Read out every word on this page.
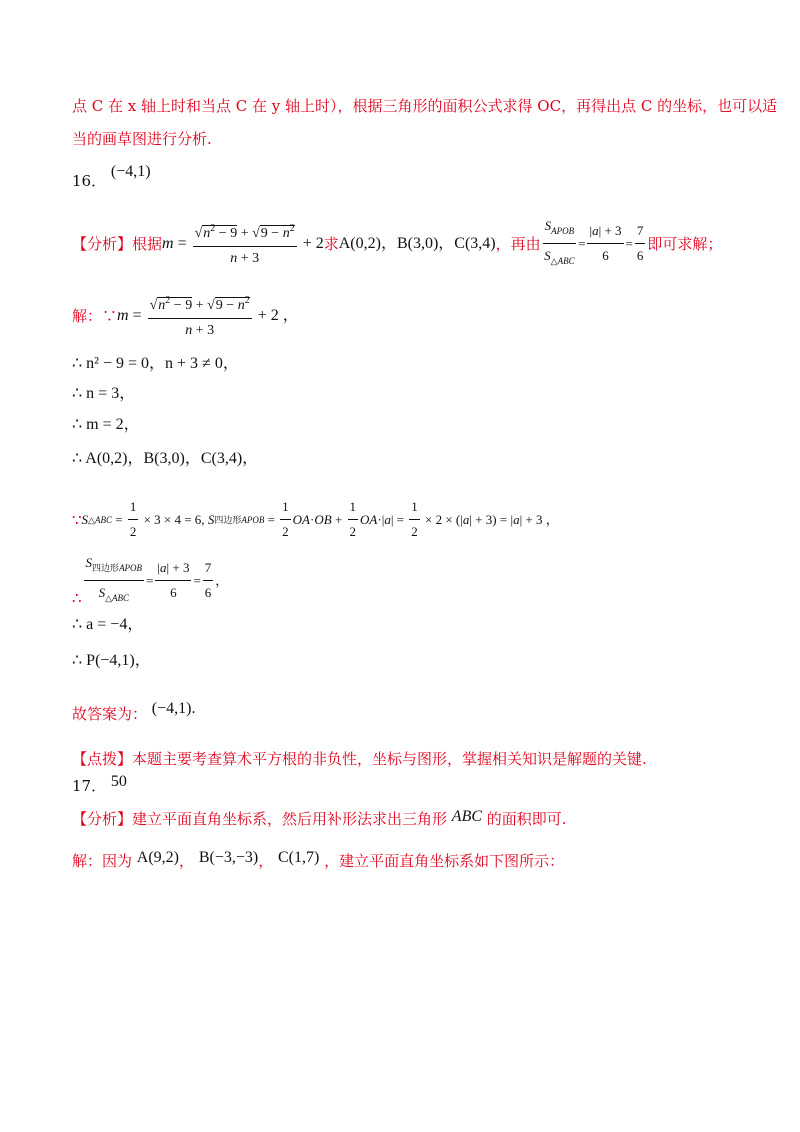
点 C 在 x 轴上时和当点 C 在 y 轴上时），根据三角形的面积公式求得 OC，再得出点 C 的坐标，也可以适
当的画草图进行分析.
16． (−4,1)
【分析】根据 $m = \frac{√n^2 - 9 + √9 - n^2}{n + 3} + 2$ 求 A(0,2)，B(3,0)，C(3,4) ，再由 $\frac{S_{APOB}}{S_{\triangle ABC}} = \frac{|a| + 3}{6} = \frac{7}{6}$ 即可求解；
解：∵ $m = \frac{√n^2 - 9 + √9 - n^2}{n + 3} + 2$ ，
∴ n² − 9 = 0，n + 3 ≠ 0，
∴ n = 3，
∴ m = 2，
∴ A(0,2)，B(3,0)，C(3,4)，
∵ S △ABC = $\frac{1}{2} \times 3 \times 4 = 6$, S 四边形APOB = $\frac{1}{2}$ OA · OB + $\frac{1}{2}$ OA ·| a | = $\frac{1}{2} \times 2$ × (| a | + 3) = | a | + 3 ，
∴ $\frac{S_{四边形APOB}}{S_{\triangle ABC}} = \frac{|a| + 3}{6} = \frac{7}{6}$ ，
∴ a = −4，
∴ P(−4,1)，
故答案为： (−4,1).
【点拨】本题主要考查算术平方根的非负性，坐标与图形，掌握相关知识是解题的关键.
17． 50
【分析】建立平面直角坐标系，然后用补形法求出三角形 ABC 的面积即可.
解：因为 A(9,2)， B(−3,−3)， C(1,7) ，建立平面直角坐标系如下图所示：
